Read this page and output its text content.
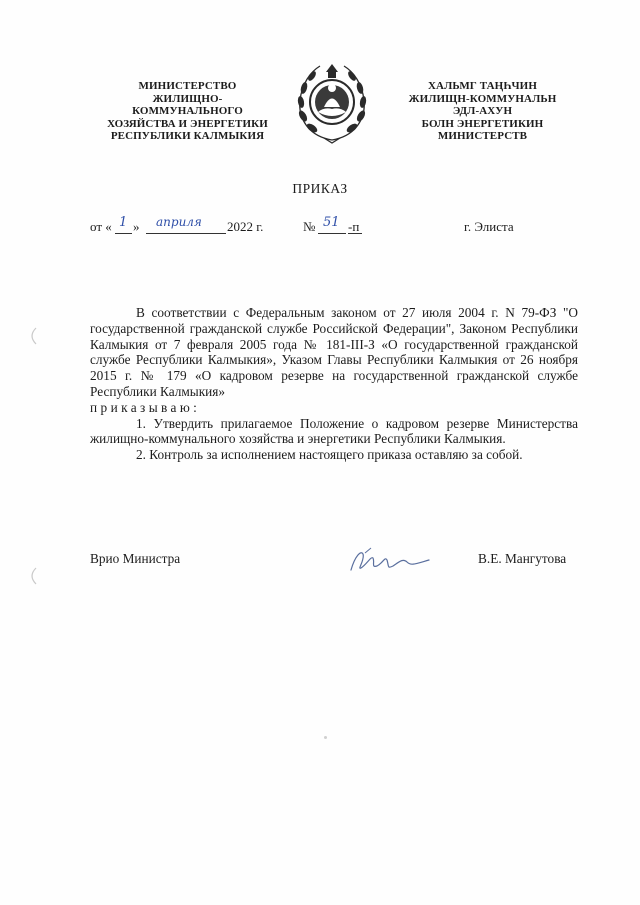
МИНИСТЕРСТВО
ЖИЛИЩНО-
КОММУНАЛЬНОГО
ХОЗЯЙСТВА И ЭНЕРГЕТИКИ
РЕСПУБЛИКИ КАЛМЫКИЯ
ХАЛЬМГ ТАҢҺЧИН
ЖИЛИЩН-КОММУНАЛЬН
ЭДЛ-АХУН
БОЛН ЭНЕРГЕТИКИН
МИНИСТЕРСТВ
ПРИКАЗ
от « 1 » априля 2022 г.	№ 51 -п	г. Элиста

В соответствии с Федеральным законом от 27 июля 2004 г. N 79-ФЗ "О государственной гражданской службе Российской Федерации", Законом Республики Калмыкия от 7 февраля 2005 года № 181-III-З «О государственной гражданской службе Республики Калмыкия», Указом Главы Республики Калмыкия от 26 ноября 2015 г. № 179 «О кадровом резерве на государственной гражданской службе Республики Калмыкия»

приказываю:

1. Утвердить прилагаемое Положение о кадровом резерве Министерства жилищно-коммунального хозяйства и энергетики Республики Калмыкия.

2. Контроль за исполнением настоящего приказа оставляю за собой.

Врио Министра	В.Е. Мангутова
